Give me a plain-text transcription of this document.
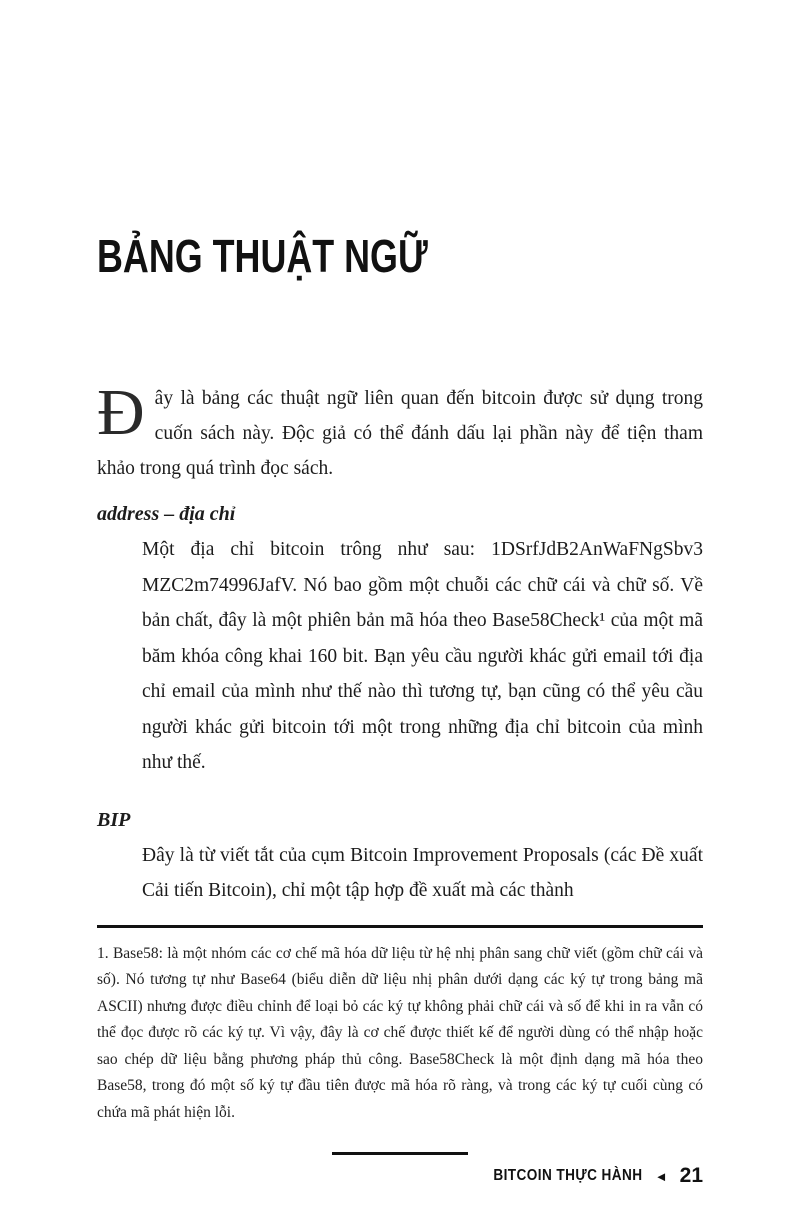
BẢNG THUẬT NGỮ

Đây là bảng các thuật ngữ liên quan đến bitcoin được sử dụng trong cuốn sách này. Độc giả có thể đánh dấu lại phần này để tiện tham khảo trong quá trình đọc sách.

address – địa chỉ

Một địa chỉ bitcoin trông như sau: 1DSrfJdB2AnWaFNgSbv3 MZC2m74996JafV. Nó bao gồm một chuỗi các chữ cái và chữ số. Về bản chất, đây là một phiên bản mã hóa theo Base58Check¹ của một mã băm khóa công khai 160 bit. Bạn yêu cầu người khác gửi email tới địa chỉ email của mình như thế nào thì tương tự, bạn cũng có thể yêu cầu người khác gửi bitcoin tới một trong những địa chỉ bitcoin của mình như thế.

BIP

Đây là từ viết tắt của cụm Bitcoin Improvement Proposals (các Đề xuất Cải tiến Bitcoin), chỉ một tập hợp đề xuất mà các thành

1. Base58: là một nhóm các cơ chế mã hóa dữ liệu từ hệ nhị phân sang chữ viết (gồm chữ cái và số). Nó tương tự như Base64 (biểu diễn dữ liệu nhị phân dưới dạng các ký tự trong bảng mã ASCII) nhưng được điều chỉnh để loại bỏ các ký tự không phải chữ cái và số để khi in ra vẫn có thể đọc được rõ các ký tự. Vì vậy, đây là cơ chế được thiết kế để người dùng có thể nhập hoặc sao chép dữ liệu bằng phương pháp thủ công. Base58Check là một định dạng mã hóa theo Base58, trong đó một số ký tự đầu tiên được mã hóa rõ ràng, và trong các ký tự cuối cùng có chứa mã phát hiện lỗi.

BITCOIN THỰC HÀNH ◄ 21
